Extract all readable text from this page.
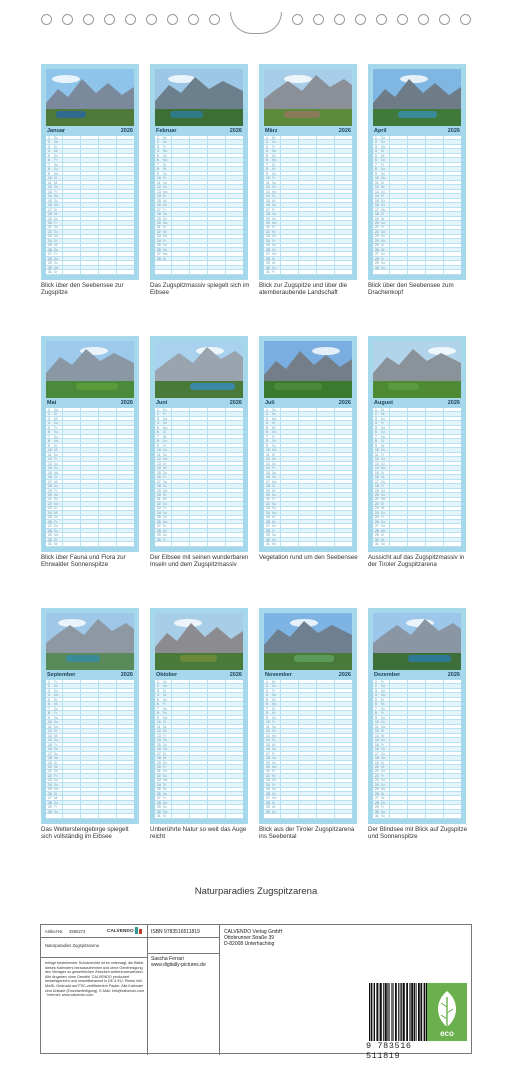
Januar	2026
1 So
2 Mo
3 Di
4 Mi
5 Do
6 Fr
7 Sa
8 So
9 Mo
10 Di
11 Mi
12 Do
13 Fr
14 Sa
15 So
16 Mo
17 Di
18 Mi
19 Do
20 Fr
21 Sa
22 So
23 Mo
24 Di
25 Mi
26 Do
27 Fr
28 Sa
29 So
30 Mo
31 Di
Blick über den Seebensee zur Zugspitze
Februar	2026
1 Mi
2 Do
3 Fr
4 Sa
5 So
6 Mo
7 Di
8 Mi
9 Do
10 Fr
11 Sa
12 So
13 Mo
14 Di
15 Mi
16 Do
17 Fr
18 Sa
19 So
20 Mo
21 Di
22 Mi
23 Do
24 Fr
25 Sa
26 So
27 Mo
28 Di
Das Zugspitzmassiv spiegelt sich im Eibsee
März	2026
1 Mi
2 Do
3 Fr
4 Sa
5 So
6 Mo
7 Di
8 Mi
9 Do
10 Fr
11 Sa
12 So
13 Mo
14 Di
15 Mi
16 Do
17 Fr
18 Sa
19 So
20 Mo
21 Di
22 Mi
23 Do
24 Fr
25 Sa
26 So
27 Mo
28 Di
29 Mi
30 Do
31 Fr
Blick zur Zugspitze und über die atemberaubende Landschaft
April	2026
1 Sa
2 So
3 Mo
4 Di
5 Mi
6 Do
7 Fr
8 Sa
9 So
10 Mo
11 Di
12 Mi
13 Do
14 Fr
15 Sa
16 So
17 Mo
18 Di
19 Mi
20 Do
21 Fr
22 Sa
23 So
24 Mo
25 Di
26 Mi
27 Do
28 Fr
29 Sa
30 So
Blick über den Seebensee zum Drachenkopf
Mai	2026
1 Mo
2 Di
3 Mi
4 Do
5 Fr
6 Sa
7 So
8 Mo
9 Di
10 Mi
11 Do
12 Fr
13 Sa
14 So
15 Mo
16 Di
17 Mi
18 Do
19 Fr
20 Sa
21 So
22 Mo
23 Di
24 Mi
25 Do
26 Fr
27 Sa
28 So
29 Mo
30 Di
31 Mi
Blick über Fauna und Flora zur Ehrwalder Sonnenspitze
Juni	2026
1 Do
2 Fr
3 Sa
4 So
5 Mo
6 Di
7 Mi
8 Do
9 Fr
10 Sa
11 So
12 Mo
13 Di
14 Mi
15 Do
16 Fr
17 Sa
18 So
19 Mo
20 Di
21 Mi
22 Do
23 Fr
24 Sa
25 So
26 Mo
27 Di
28 Mi
29 Do
30 Fr
Der Eibsee mit seinen wunderbaren Inseln und dem Zugspitzmassiv
Juli	2026
1 Sa
2 So
3 Mo
4 Di
5 Mi
6 Do
7 Fr
8 Sa
9 So
10 Mo
11 Di
12 Mi
13 Do
14 Fr
15 Sa
16 So
17 Mo
18 Di
19 Mi
20 Do
21 Fr
22 Sa
23 So
24 Mo
25 Di
26 Mi
27 Do
28 Fr
29 Sa
30 So
31 Mo
Vegetation rund um den Seebensee
August	2026
1 Di
2 Mi
3 Do
4 Fr
5 Sa
6 So
7 Mo
8 Di
9 Mi
10 Do
11 Fr
12 Sa
13 So
14 Mo
15 Di
16 Mi
17 Do
18 Fr
19 Sa
20 So
21 Mo
22 Di
23 Mi
24 Do
25 Fr
26 Sa
27 So
28 Mo
29 Di
30 Mi
31 Do
Aussicht auf das Zugspitzmassiv in der Tiroler Zugspitzarena
September	2026
1 Fr
2 Sa
3 So
4 Mo
5 Di
6 Mi
7 Do
8 Fr
9 Sa
10 So
11 Mo
12 Di
13 Mi
14 Do
15 Fr
16 Sa
17 So
18 Mo
19 Di
20 Mi
21 Do
22 Fr
23 Sa
24 So
25 Mo
26 Di
27 Mi
28 Do
29 Fr
30 Sa
Das Wettersteingebirge spiegelt sich vollständig im Eibsee
Oktober	2026
1 So
2 Mo
3 Di
4 Mi
5 Do
6 Fr
7 Sa
8 So
9 Mo
10 Di
11 Mi
12 Do
13 Fr
14 Sa
15 So
16 Mo
17 Di
18 Mi
19 Do
20 Fr
21 Sa
22 So
23 Mo
24 Di
25 Mi
26 Do
27 Fr
28 Sa
29 So
30 Mo
31 Di
Unberührte Natur so weit das Auge reicht
November	2026
1 Mi
2 Do
3 Fr
4 Sa
5 So
6 Mo
7 Di
8 Mi
9 Do
10 Fr
11 Sa
12 So
13 Mo
14 Di
15 Mi
16 Do
17 Fr
18 Sa
19 So
20 Mo
21 Di
22 Mi
23 Do
24 Fr
25 Sa
26 So
27 Mo
28 Di
29 Mi
30 Do
Blick aus der Tiroler Zugspitzarena ins Seebental
Dezember	2026
1 Fr
2 Sa
3 So
4 Mo
5 Di
6 Mi
7 Do
8 Fr
9 Sa
10 So
11 Mo
12 Di
13 Mi
14 Do
15 Fr
16 Sa
17 So
18 Mo
19 Di
20 Mi
21 Do
22 Fr
23 Sa
24 So
25 Mo
26 Di
27 Mi
28 Do
29 Fr
30 Sa
31 So
Der Blindsee mit Blick auf Zugspitze und Sonnenspitze
Naturparadies Zugspitzarena
Artikel-Nr. 2590273	CALVENDO
Naturparadies Zugspitzarena
Infolge bestehender Schutzrechte ist es untersagt, die Bilder dieses Kalenders herauszutrennen und ohne Genehmigung des Verlages zu gewerblichen Zwecken weiterzuverwenden. Alle Angaben ohne Gewähr. CALVENDO produziert bedarfsgerecht und umweltbewusst in DE & EU. Preise inkl. MwSt. Gedruckt auf FSC-zertifiziertem Papier. Alle Kalender sind Unikate (Einzelanfertigung). E-Mail: info@calvendo.com · Internet: www.calvendo.com
ISBN 9783516511819
Sascha Ferrari
www.digitally-pictures.de
CALVENDO Verlag GmbH
Ottobrunner Straße 39
D-82008 Unterhaching
9 783516 511819
eco
